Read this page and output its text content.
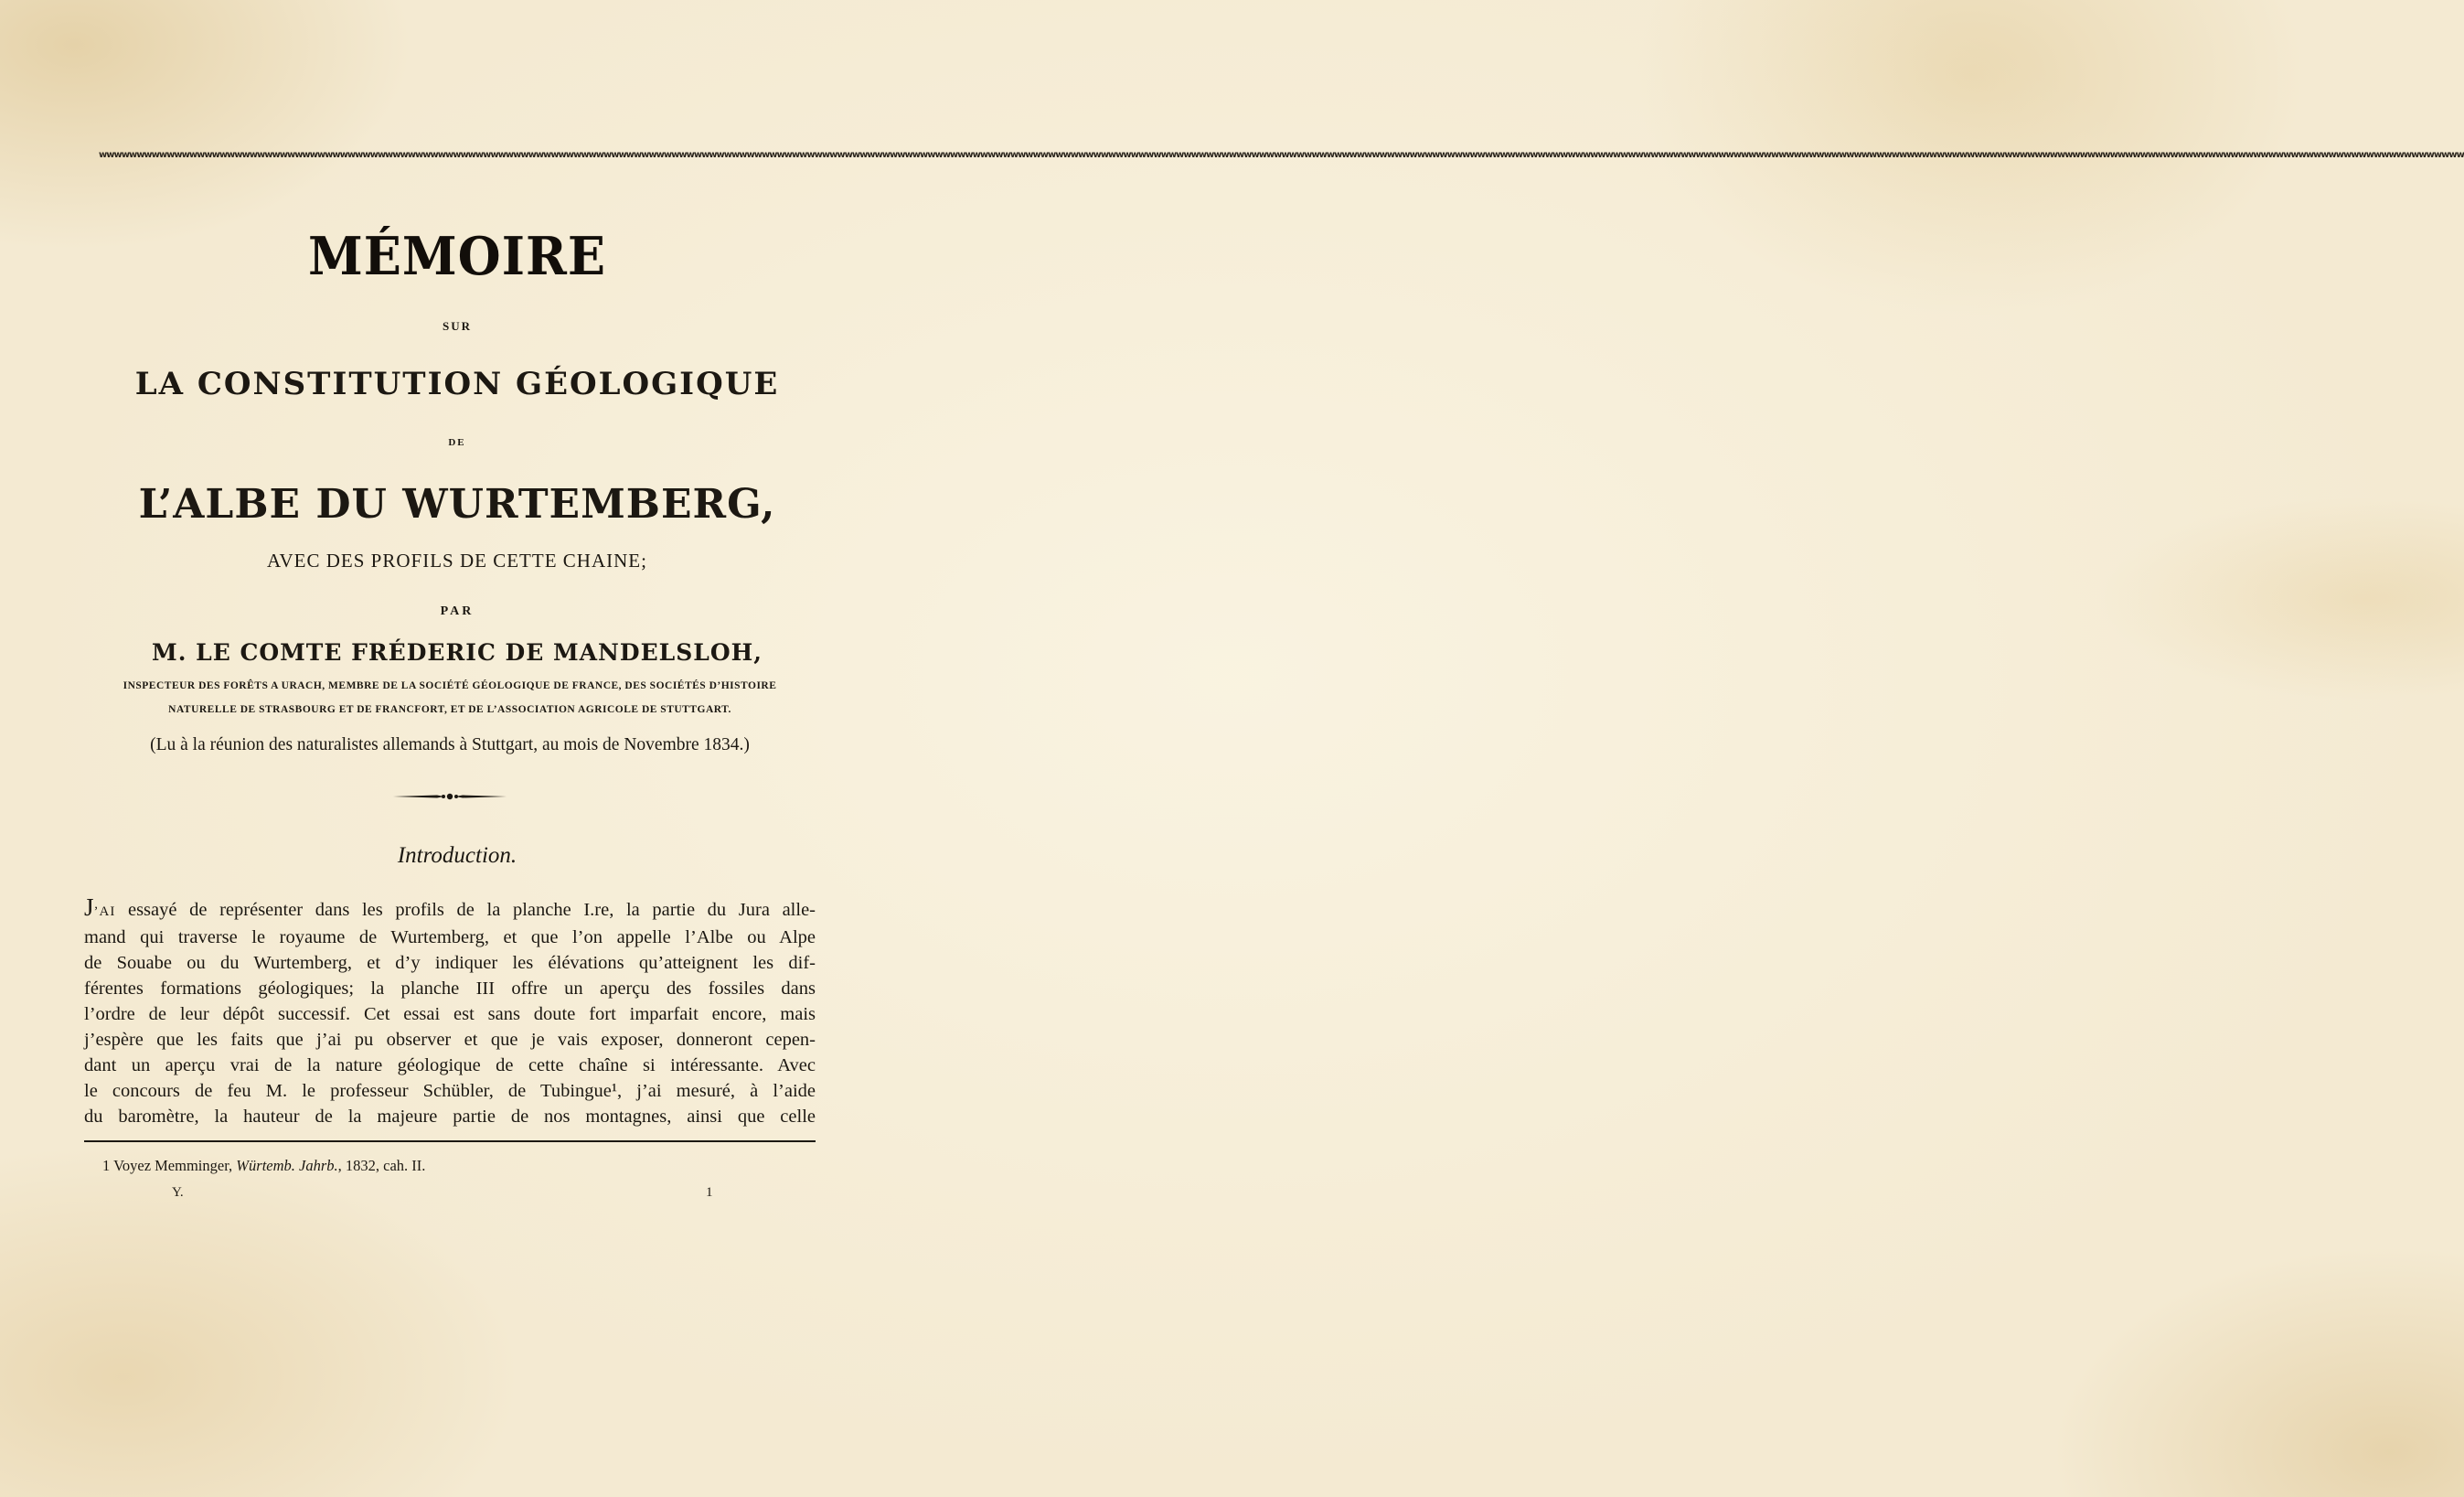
wwwwwwwwwwwwwwwwwwwwwwwwwwwwwwwwwwwwwwwwwwwwwwwwwwwwwwwwwwwwwwwwwwwwwwwwwwwwwwwwwwwwwwwwwwwwwwwwwwwwwwwwwwwwwwwwwwwwwwwwwwwwwwwwwwwwwwwwwwwwwwwwwwwwwwwwwwwwwwwwwwwwwwwwwwwwwwwwwwwwwwwwwwwwwwwwwwwwwwwwwwwwwwwwwwwwwwwwwwwwwwwwwwwwwwwwwwwwwwwwwwwwwwwwwwwwwwwwwwwwwwwwwwwwwwwwwwwwwwwwwwwwwwwwwwwwwwwwwwwwwwwwwwwwwwwwww
MÉMOIRE
SUR
LA CONSTITUTION GÉOLOGIQUE
DE
L’ALBE DU WURTEMBERG,
AVEC DES PROFILS DE CETTE CHAINE;
PAR
M. LE COMTE FRÉDERIC DE MANDELSLOH,
INSPECTEUR DES FORÊTS A URACH, MEMBRE DE LA SOCIÉTÉ GÉOLOGIQUE DE FRANCE, DES SOCIÉTÉS D’HISTOIRE
NATURELLE DE STRASBOURG ET DE FRANCFORT, ET DE L’ASSOCIATION AGRICOLE DE STUTTGART.
(Lu à la réunion des naturalistes allemands à Stuttgart, au mois de Novembre 1834.)
Introduction.
J’AI essayé de représenter dans les profils de la planche I.re, la partie du Jura alle-
mand qui traverse le royaume de Wurtemberg, et que l’on appelle l’Albe ou Alpe
de Souabe ou du Wurtemberg, et d’y indiquer les élévations qu’atteignent les dif-
férentes formations géologiques; la planche III offre un aperçu des fossiles dans
l’ordre de leur dépôt successif. Cet essai est sans doute fort imparfait encore, mais
j’espère que les faits que j’ai pu observer et que je vais exposer, donneront cepen-
dant un aperçu vrai de la nature géologique de cette chaîne si intéressante. Avec
le concours de feu M. le professeur Schübler, de Tubingue¹, j’ai mesuré, à l’aide
du baromètre, la hauteur de la majeure partie de nos montagnes, ainsi que celle
1 Voyez Memminger, Würtemb. Jahrb., 1832, cah. II.
Y.	1
